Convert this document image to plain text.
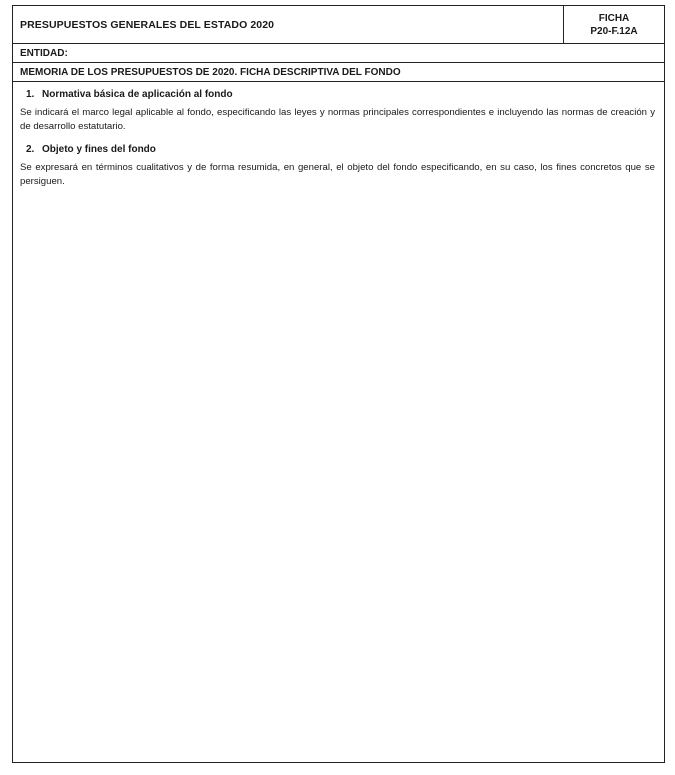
PRESUPUESTOS GENERALES DEL ESTADO 2020
FICHA
P20-F.12A
ENTIDAD:
MEMORIA DE LOS PRESUPUESTOS DE 2020. FICHA DESCRIPTIVA DEL FONDO

1. Normativa básica de aplicación al fondo

Se indicará el marco legal aplicable al fondo, especificando las leyes y normas principales correspondientes e incluyendo las normas de creación y de desarrollo estatutario.

2. Objeto y fines del fondo

Se expresará en términos cualitativos y de forma resumida, en general, el objeto del fondo especificando, en su caso, los fines concretos que se persiguen.
